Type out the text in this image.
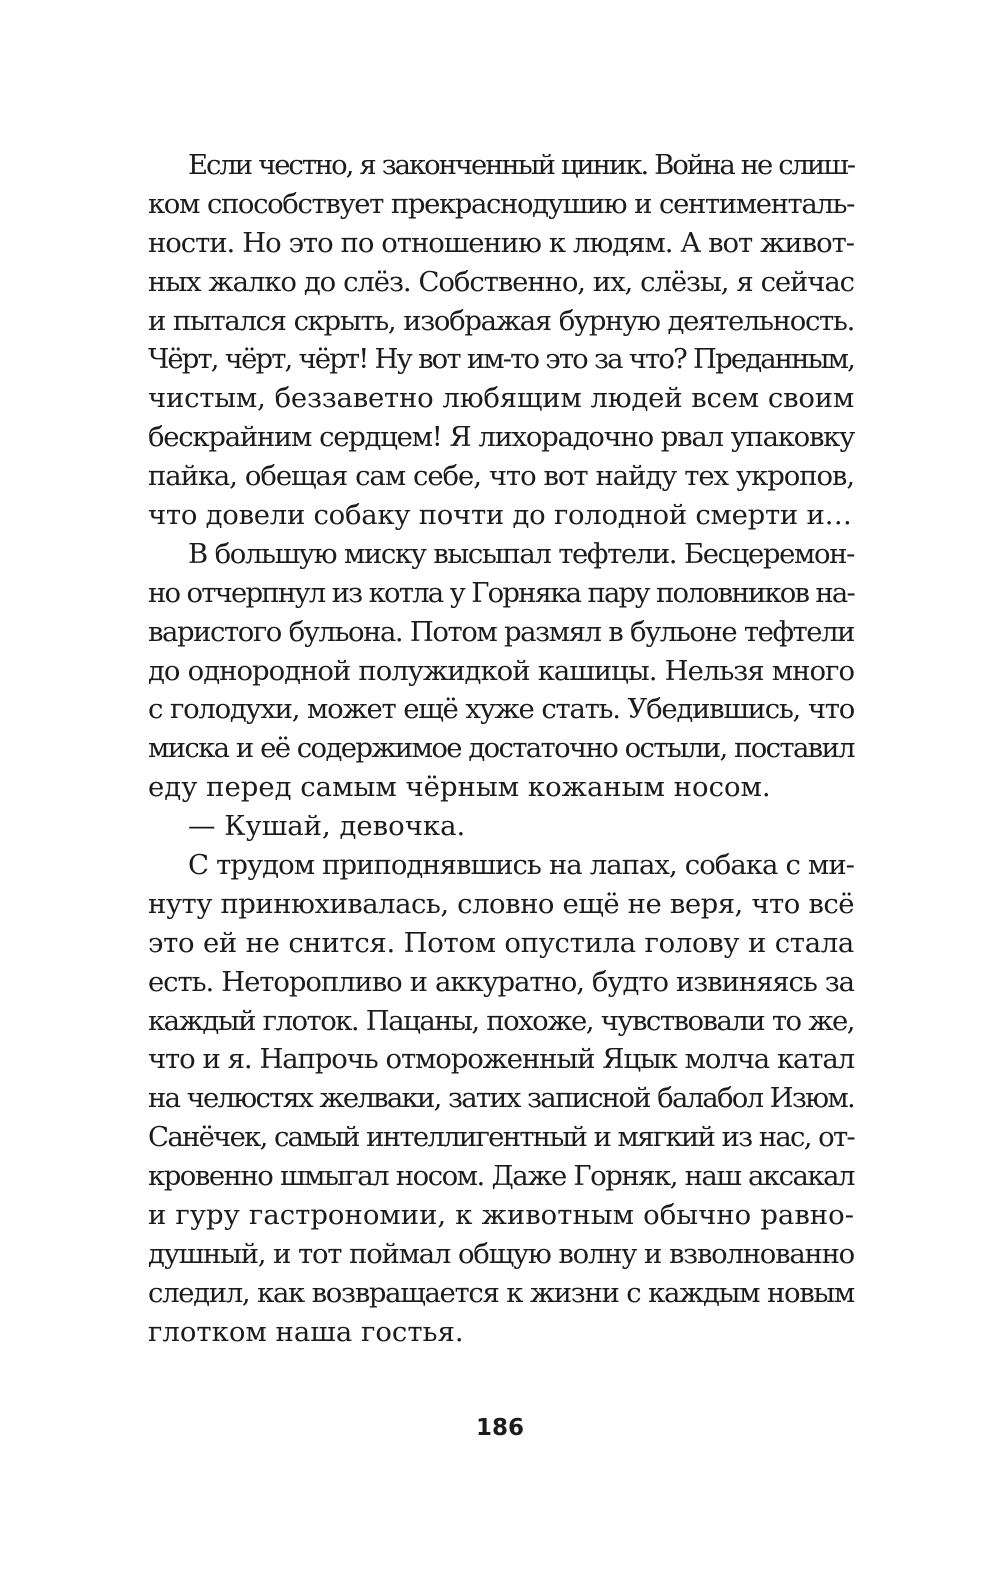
Если честно, я законченный циник. Война не слиш-
ком способствует прекраснодушию и сентименталь-
ности. Но это по отношению к людям. А вот живот-
ных жалко до слёз. Собственно, их, слёзы, я сейчас
и пытался скрыть, изображая бурную деятельность.
Чёрт, чёрт, чёрт! Ну вот им-то это за что? Преданным,
чистым, беззаветно любящим людей всем своим
бескрайним сердцем! Я лихорадочно рвал упаковку
пайка, обещая сам себе, что вот найду тех укропов,
что довели собаку почти до голодной смерти и…
В большую миску высыпал тефтели. Бесцеремон-
но отчерпнул из котла у Горняка пару половников на-
варистого бульона. Потом размял в бульоне тефтели
до однородной полужидкой кашицы. Нельзя много
с голодухи, может ещё хуже стать. Убедившись, что
миска и её содержимое достаточно остыли, поставил
еду перед самым чёрным кожаным носом.
— Кушай, девочка.
С трудом приподнявшись на лапах, собака с ми-
нуту принюхивалась, словно ещё не веря, что всё
это ей не снится. Потом опустила голову и стала
есть. Неторопливо и аккуратно, будто извиняясь за
каждый глоток. Пацаны, похоже, чувствовали то же,
что и я. Напрочь отмороженный Яцык молча катал
на челюстях желваки, затих записной балабол Изюм.
Санёчек, самый интеллигентный и мягкий из нас, от-
кровенно шмыгал носом. Даже Горняк, наш аксакал
и гуру гастрономии, к животным обычно равно-
душный, и тот поймал общую волну и взволнованно
следил, как возвращается к жизни с каждым новым
глотком наша гостья.
186
